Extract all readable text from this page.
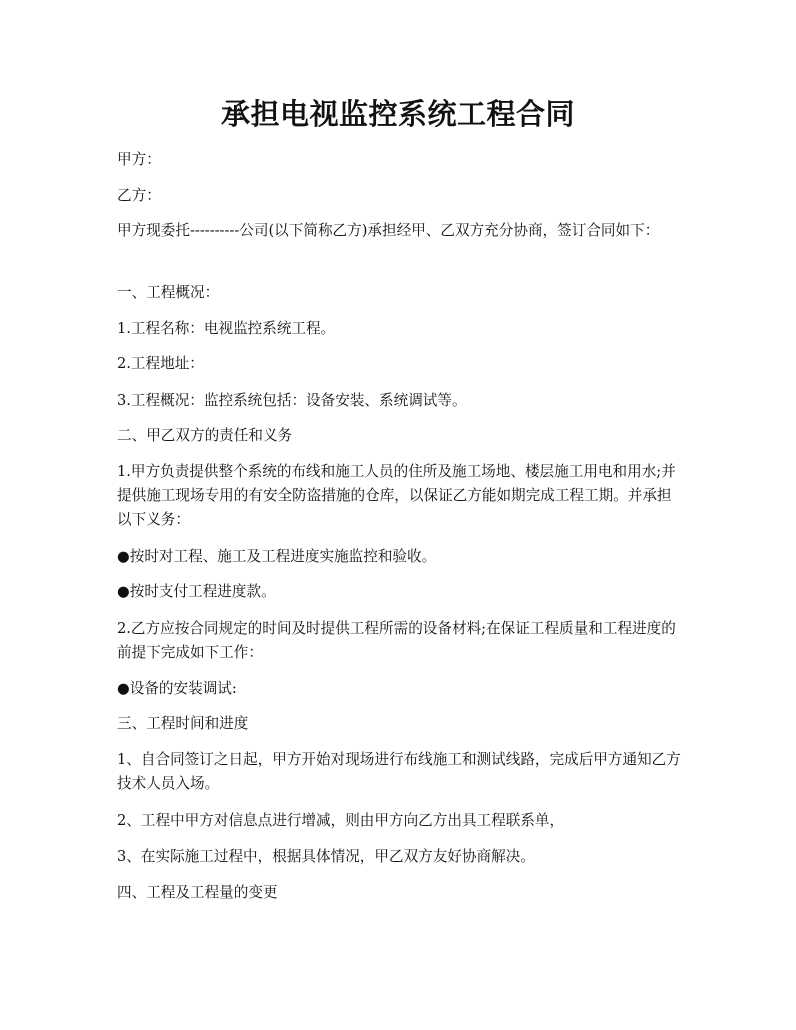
承担电视监控系统工程合同

甲方：

乙方：

甲方现委托----------公司(以下简称乙方)承担经甲、乙双方充分协商，签订合同如下：

一、工程概况：

1.工程名称：电视监控系统工程。

2.工程地址：

3.工程概况：监控系统包括：设备安装、系统调试等。

二、甲乙双方的责任和义务

1.甲方负责提供整个系统的布线和施工人员的住所及施工场地、楼层施工用电和用水;并提供施工现场专用的有安全防盗措施的仓库，以保证乙方能如期完成工程工期。并承担以下义务：

●按时对工程、施工及工程进度实施监控和验收。

●按时支付工程进度款。

2.乙方应按合同规定的时间及时提供工程所需的设备材料;在保证工程质量和工程进度的前提下完成如下工作：

●设备的安装调试:

三、工程时间和进度

1、自合同签订之日起，甲方开始对现场进行布线施工和测试线路，完成后甲方通知乙方技术人员入场。

2、工程中甲方对信息点进行增减，则由甲方向乙方出具工程联系单，

3、在实际施工过程中，根据具体情况，甲乙双方友好协商解决。

四、工程及工程量的变更
